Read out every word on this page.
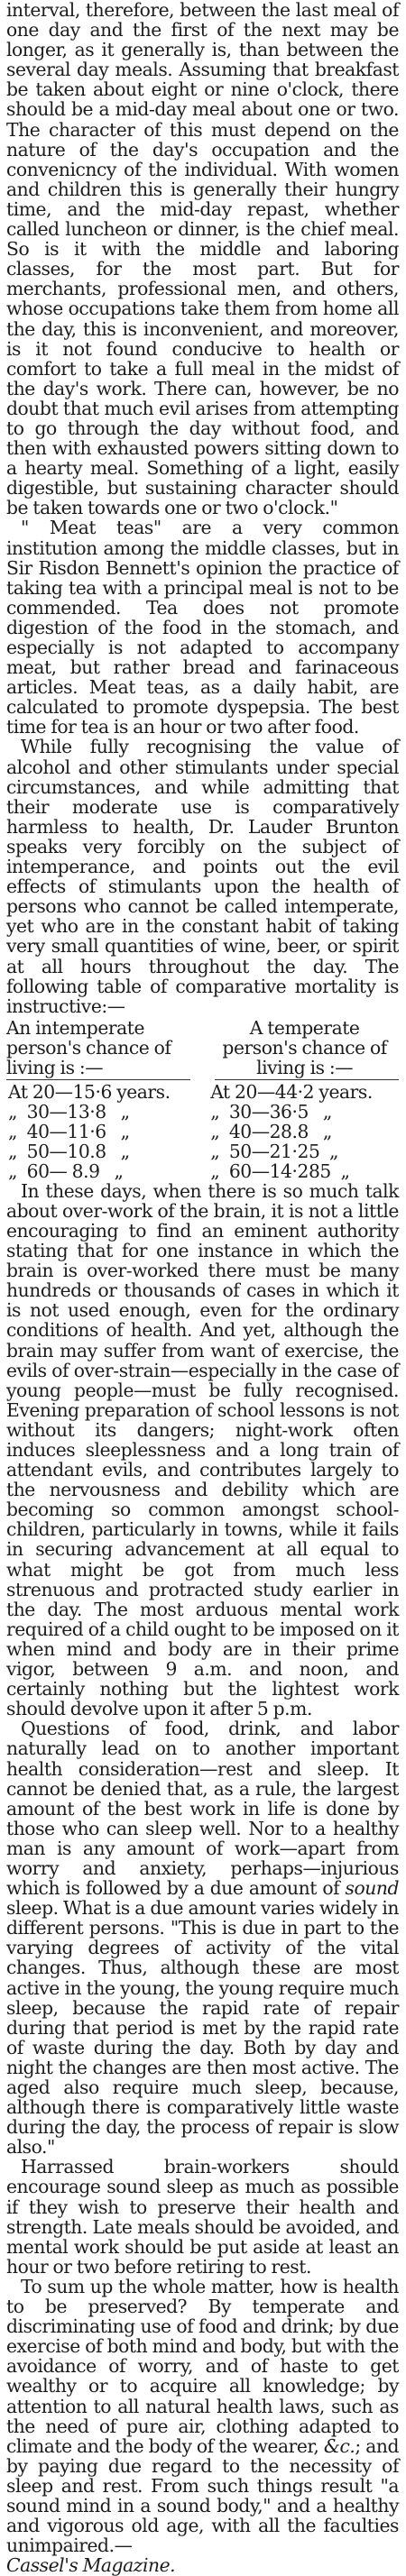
interval, therefore, between the last meal of one day and the first of the next may be longer, as it generally is, than between the several day meals. Assuming that breakfast be taken about eight or nine o'clock, there should be a mid-day meal about one or two. The character of this must depend on the nature of the day's occupation and the convenicncy of the individual. With women and children this is generally their hungry time, and the mid-day repast, whether called luncheon or dinner, is the chief meal. So is it with the middle and laboring classes, for the most part. But for merchants, professional men, and others, whose occupations take them from home all the day, this is inconvenient, and moreover, is it not found conducive to health or comfort to take a full meal in the midst of the day's work. There can, however, be no doubt that much evil arises from attempting to go through the day without food, and then with exhausted powers sitting down to a hearty meal. Something of a light, easily digestible, but sustaining character should be taken towards one or two o'clock."

" Meat teas" are a very common institution among the middle classes, but in Sir Risdon Bennett's opinion the practice of taking tea with a principal meal is not to be commended. Tea does not promote digestion of the food in the stomach, and especially is not adapted to accompany meat, but rather bread and farinaceous articles. Meat teas, as a daily habit, are calculated to promote dyspepsia. The best time for tea is an hour or two after food.

While fully recognising the value of alcohol and other stimulants under special circumstances, and while admitting that their moderate use is comparatively harmless to health, Dr. Lauder Brunton speaks very forcibly on the subject of intemperance, and points out the evil effects of stimulants upon the health of persons who cannot be called intemperate, yet who are in the constant habit of taking very small quantities of wine, beer, or spirit at all hours throughout the day. The following table of comparative mortality is instructive:—

An intemperate person's chance of living is :—
A temperate person's chance of living is :—
At 20—15·6 years.	At 20—44·2 years.
„  30—13·8   „	„  30—36·5   „
„  40—11·6   „	„  40—28.8   „
„  50—10.8   „	„  50—21·25  „
„  60— 8.9   „	„  60—14·285  „

In these days, when there is so much talk about over-work of the brain, it is not a little encouraging to find an eminent authority stating that for one instance in which the brain is over-worked there must be many hundreds or thousands of cases in which it is not used enough, even for the ordinary conditions of health. And yet, although the brain may suffer from want of exercise, the evils of over-strain—especially in the case of young people—must be fully recognised. Evening preparation of school lessons is not without its dangers; night-work often induces sleeplessness and a long train of attendant evils, and contributes largely to the nervousness and debility which are becoming so common amongst school-children, particularly in towns, while it fails in securing advancement at all equal to what might be got from much less strenuous and protracted study earlier in the day. The most arduous mental work required of a child ought to be imposed on it when mind and body are in their prime vigor, between 9 a.m. and noon, and certainly nothing but the lightest work should devolve upon it after 5 p.m.

Questions of food, drink, and labor naturally lead on to another important health consideration—rest and sleep. It cannot be denied that, as a rule, the largest amount of the best work in life is done by those who can sleep well. Nor to a healthy man is any amount of work—apart from worry and anxiety, perhaps—injurious which is followed by a due amount of sound sleep. What is a due amount varies widely in different persons. "This is due in part to the varying degrees of activity of the vital changes. Thus, although these are most active in the young, the young require much sleep, because the rapid rate of repair during that period is met by the rapid rate of waste during the day. Both by day and night the changes are then most active. The aged also require much sleep, because, although there is comparatively little waste during the day, the process of repair is slow also."

Harrassed brain-workers should encourage sound sleep as much as possible if they wish to preserve their health and strength. Late meals should be avoided, and mental work should be put aside at least an hour or two before retiring to rest.

To sum up the whole matter, how is health to be preserved? By temperate and discriminating use of food and drink; by due exercise of both mind and body, but with the avoidance of worry, and of haste to get wealthy or to acquire all knowledge; by attention to all natural health laws, such as the need of pure air, clothing adapted to climate and the body of the wearer, &c.; and by paying due regard to the necessity of sleep and rest. From such things result "a sound mind in a sound body," and a healthy and vigorous old age, with all the faculties unimpaired.—

Cassel's Magazine.
